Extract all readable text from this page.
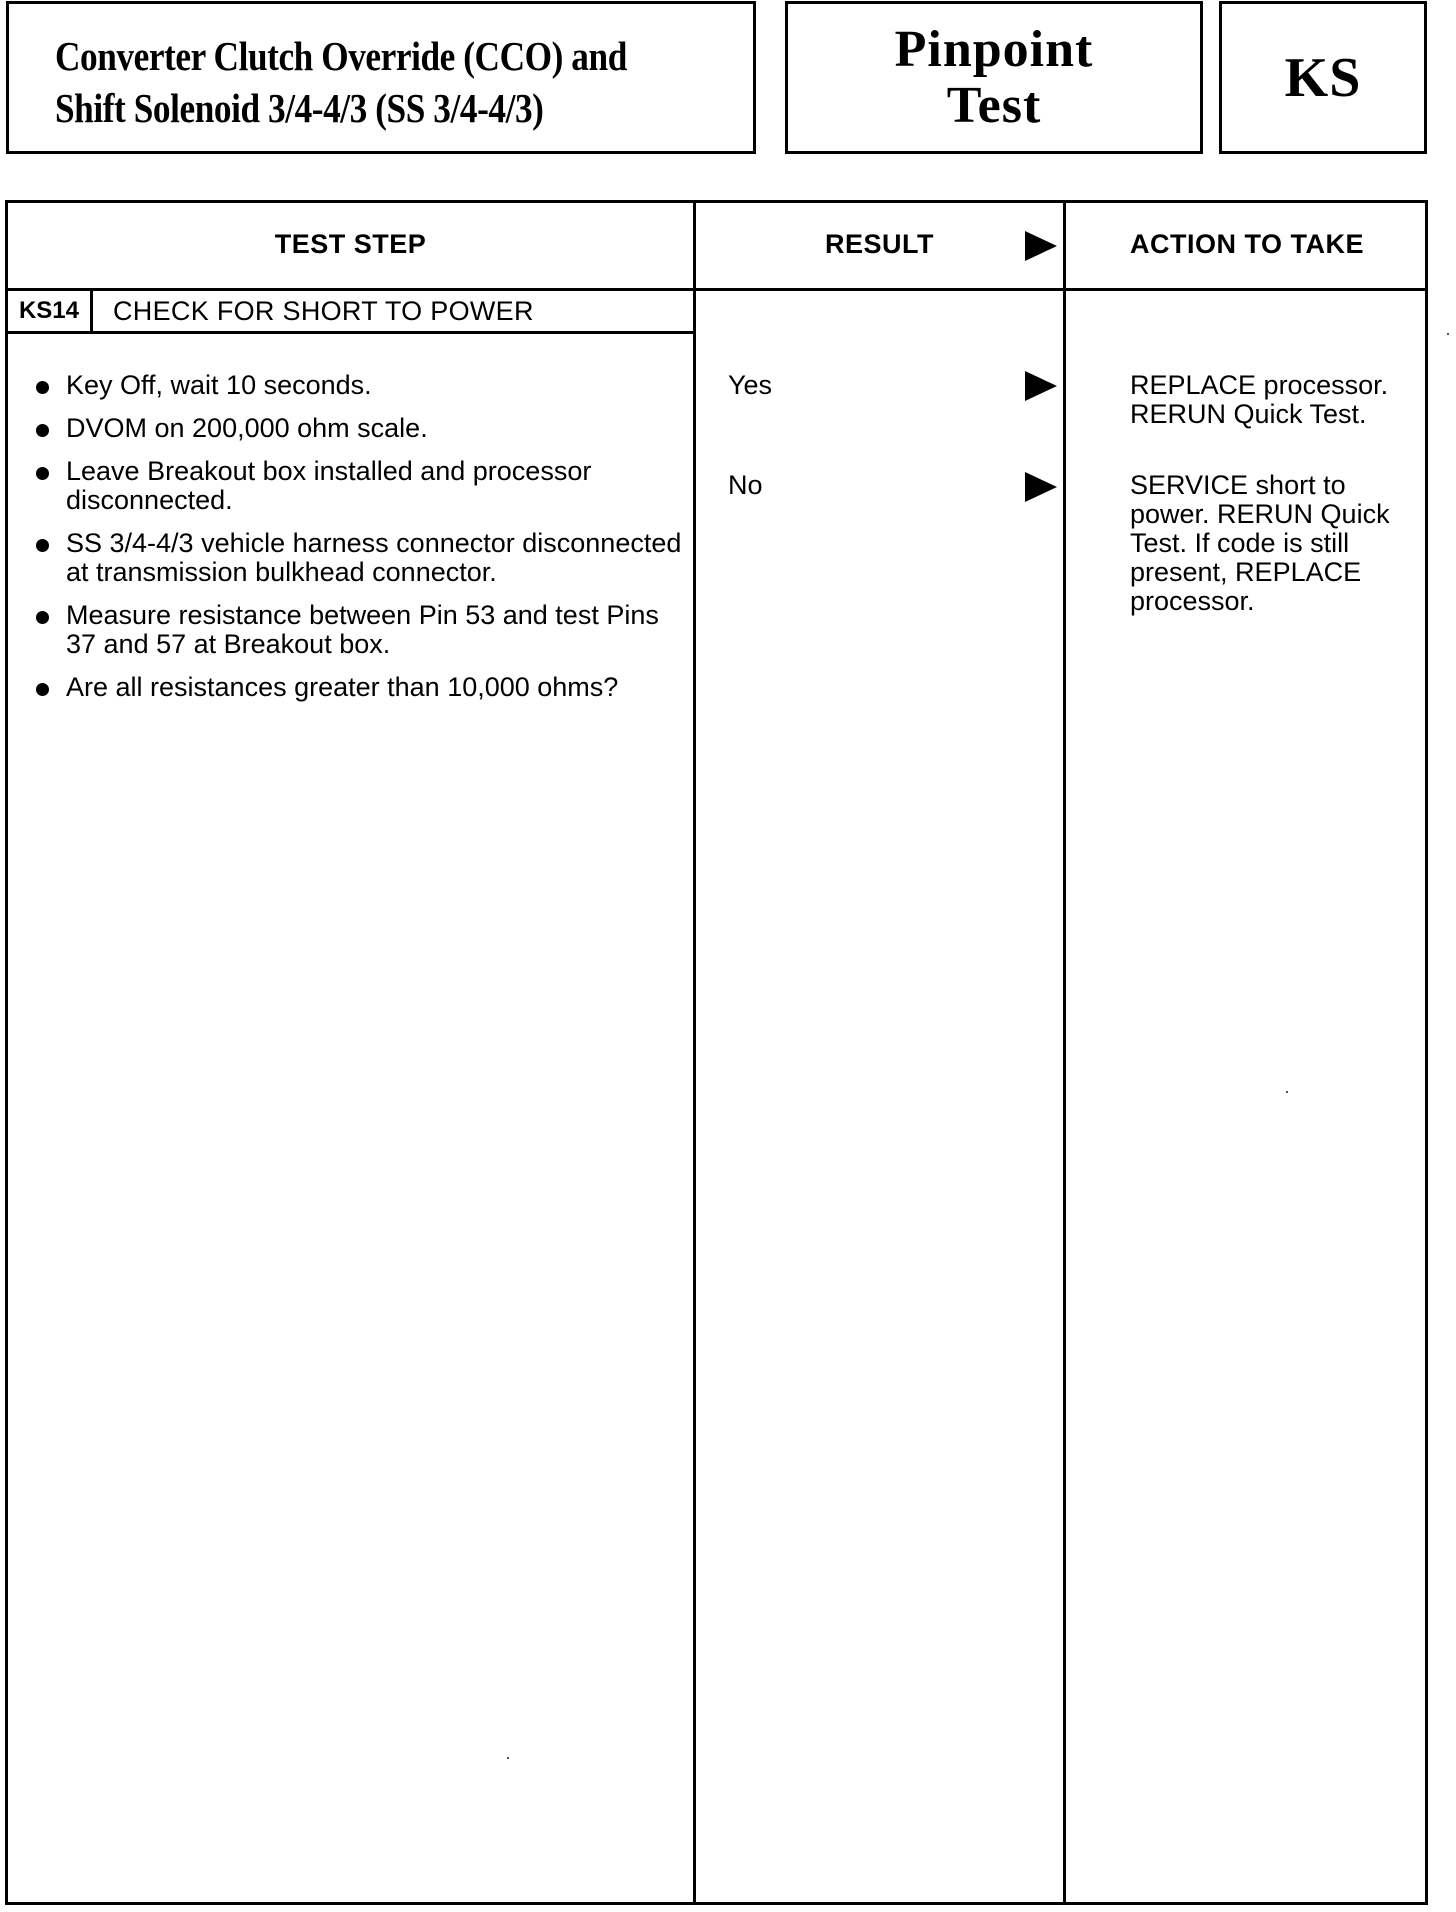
Converter Clutch Override (CCO) and
Shift Solenoid 3/4-4/3 (SS 3/4-4/3)
Pinpoint
Test	KS
TEST STEP	RESULT	ACTION TO TAKE
KS14	CHECK FOR SHORT TO POWER
Key Off, wait 10 seconds.
DVOM on 200,000 ohm scale.
Leave Breakout box installed and processor disconnected.
SS 3/4-4/3 vehicle harness connector disconnected at transmission bulkhead connector.
Measure resistance between Pin 53 and test Pins 37 and 57 at Breakout box.
Are all resistances greater than 10,000 ohms?
Yes	REPLACE processor.
RERUN Quick Test.
No	SERVICE short to power. RERUN Quick Test. If code is still present, REPLACE processor.
